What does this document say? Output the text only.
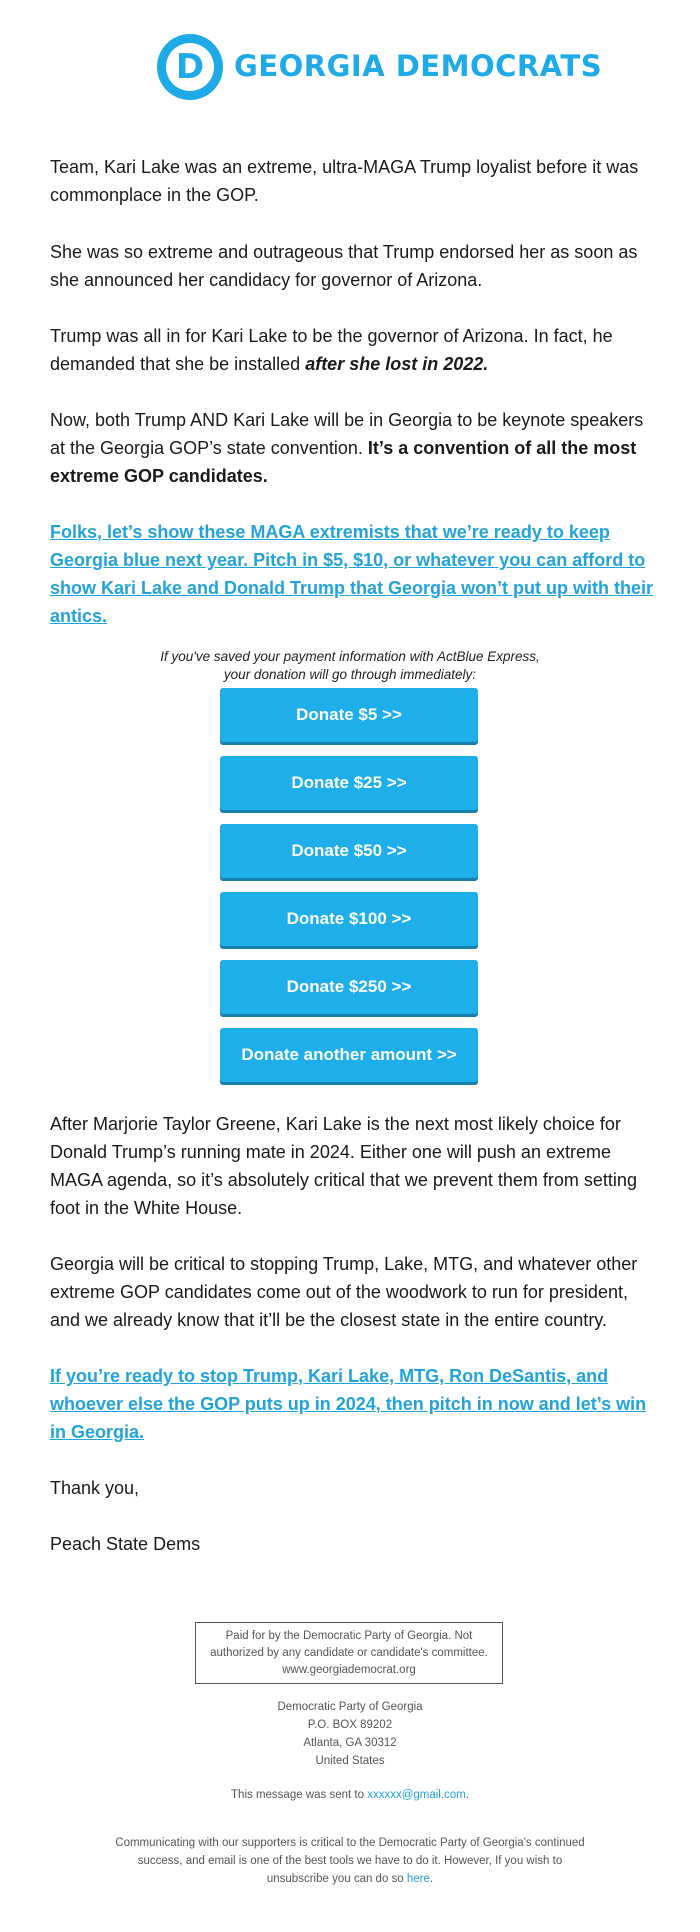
D	GEORGIA DEMOCRATS

Team, Kari Lake was an extreme, ultra-MAGA Trump loyalist before it was commonplace in the GOP.

She was so extreme and outrageous that Trump endorsed her as soon as she announced her candidacy for governor of Arizona.

Trump was all in for Kari Lake to be the governor of Arizona. In fact, he demanded that she be installed after she lost in 2022.

Now, both Trump AND Kari Lake will be in Georgia to be keynote speakers at the Georgia GOP’s state convention. It’s a convention of all the most extreme GOP candidates.

Folks, let’s show these MAGA extremists that we’re ready to keep Georgia blue next year. Pitch in $5, $10, or whatever you can afford to show Kari Lake and Donald Trump that Georgia won’t put up with their antics.

If you've saved your payment information with ActBlue Express,
your donation will go through immediately:
Donate $5 >>
Donate $25 >>
Donate $50 >>
Donate $100 >>
Donate $250 >>
Donate another amount >>

After Marjorie Taylor Greene, Kari Lake is the next most likely choice for Donald Trump’s running mate in 2024. Either one will push an extreme MAGA agenda, so it’s absolutely critical that we prevent them from setting foot in the White House.

Georgia will be critical to stopping Trump, Lake, MTG, and whatever other extreme GOP candidates come out of the woodwork to run for president, and we already know that it’ll be the closest state in the entire country.

If you’re ready to stop Trump, Kari Lake, MTG, Ron DeSantis, and whoever else the GOP puts up in 2024, then pitch in now and let’s win in Georgia.

Thank you,

Peach State Dems

Paid for by the Democratic Party of Georgia. Not
authorized by any candidate or candidate's committee.
www.georgiademocrat.org
Democratic Party of Georgia
P.O. BOX 89202
Atlanta, GA 30312
United States
This message was sent to xxxxxx@gmail.com.
Communicating with our supporters is critical to the Democratic Party of Georgia's continued
success, and email is one of the best tools we have to do it. However, If you wish to
unsubscribe you can do so here.
